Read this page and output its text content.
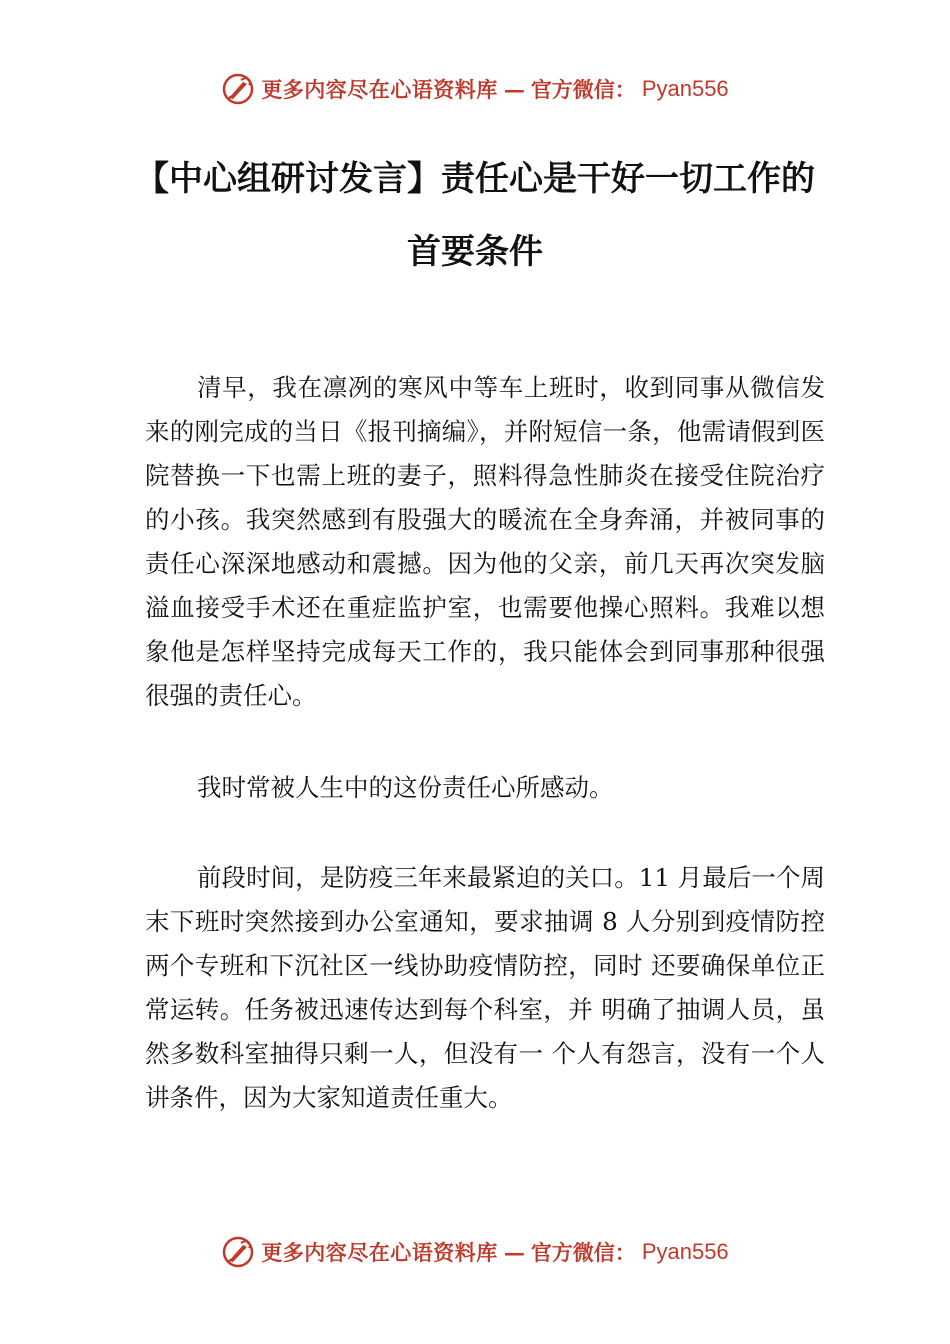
更多内容尽在心语资料库 — 官方微信： Pyan556
【中心组研讨发言】责任心是干好一切工作的首要条件

清早，我在凛冽的寒风中等车上班时，收到同事从微信发来的刚完成的当日《报刊摘编》，并附短信一条，他需请假到医院替换一下也需上班的妻子，照料得急性肺炎在接受住院治疗的小孩。我突然感到有股强大的暖流在全身奔涌，并被同事的责任心深深地感动和震撼。因为他的父亲，前几天再次突发脑溢血接受手术还在重症监护室，也需要他操心照料。我难以想象他是怎样坚持完成每天工作的，我只能体会到同事那种很强很强的责任心。

我时常被人生中的这份责任心所感动。

前段时间，是防疫三年来最紧迫的关口。11 月最后一个周末下班时突然接到办公室通知，要求抽调 8 人分别到疫情防控两个专班和下沉社区一线协助疫情防控，同时 还要确保单位正常运转。任务被迅速传达到每个科室，并 明确了抽调人员，虽然多数科室抽得只剩一人，但没有一 个人有怨言，没有一个人讲条件，因为大家知道责任重大。

更多内容尽在心语资料库 — 官方微信： Pyan556
